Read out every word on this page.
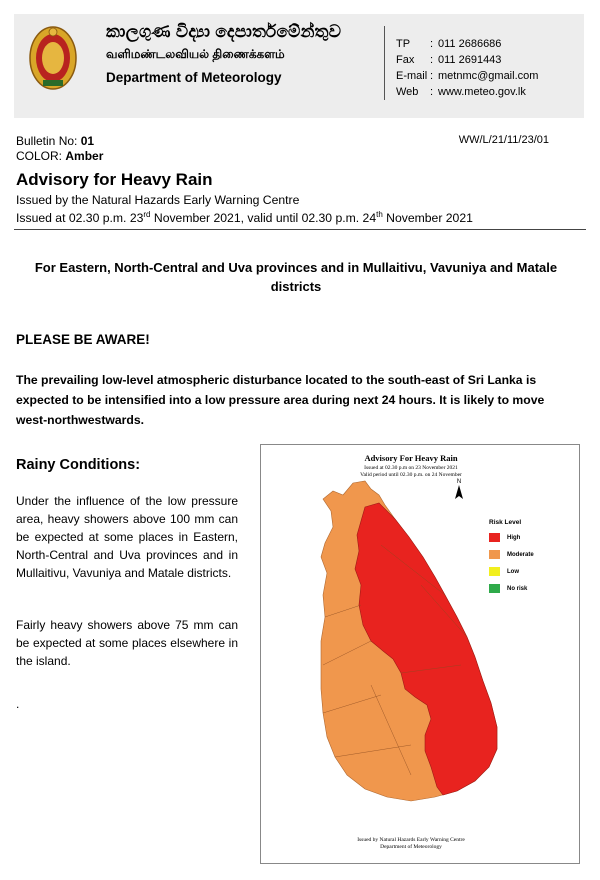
කාලගුණ විද්‍යා දෙපාර්තමේන්තුව
வளிமண்டலவியல் திணைக்களம்
Department of Meteorology
TP	: 011 2686686
Fax	: 011 2691443
E-mail : metnmc@gmail.com
Web	: www.meteo.gov.lk
Bulletin No: 01
COLOR: Amber
WW/L/21/11/23/01
Advisory for Heavy Rain
Issued by the Natural Hazards Early Warning Centre
Issued at 02.30 p.m. 23rd November 2021, valid until 02.30 p.m. 24th November 2021
For Eastern, North-Central and Uva provinces and in Mullaitivu, Vavuniya and Matale districts
PLEASE BE AWARE!
The prevailing low-level atmospheric disturbance located to the south-east of Sri Lanka is expected to be intensified into a low pressure area during next 24 hours. It is likely to move west-northwestwards.
Rainy Conditions:
Under the influence of the low pressure area, heavy showers above 100 mm can be expected at some places in Eastern, North-Central and Uva provinces and in Mullaitivu, Vavuniya and Matale districts.
Fairly heavy showers above 75 mm can be expected at some places elsewhere in the island.
.
Advisory For Heavy Rain
Issued at 02.30 p.m on 23 November 2021
Valid period until 02.30 p.m. on 24 November
N
Risk Level
High
Moderate
Low
No risk
Issued by Natural Hazards Early Warning Centre
Department of Meteorology
